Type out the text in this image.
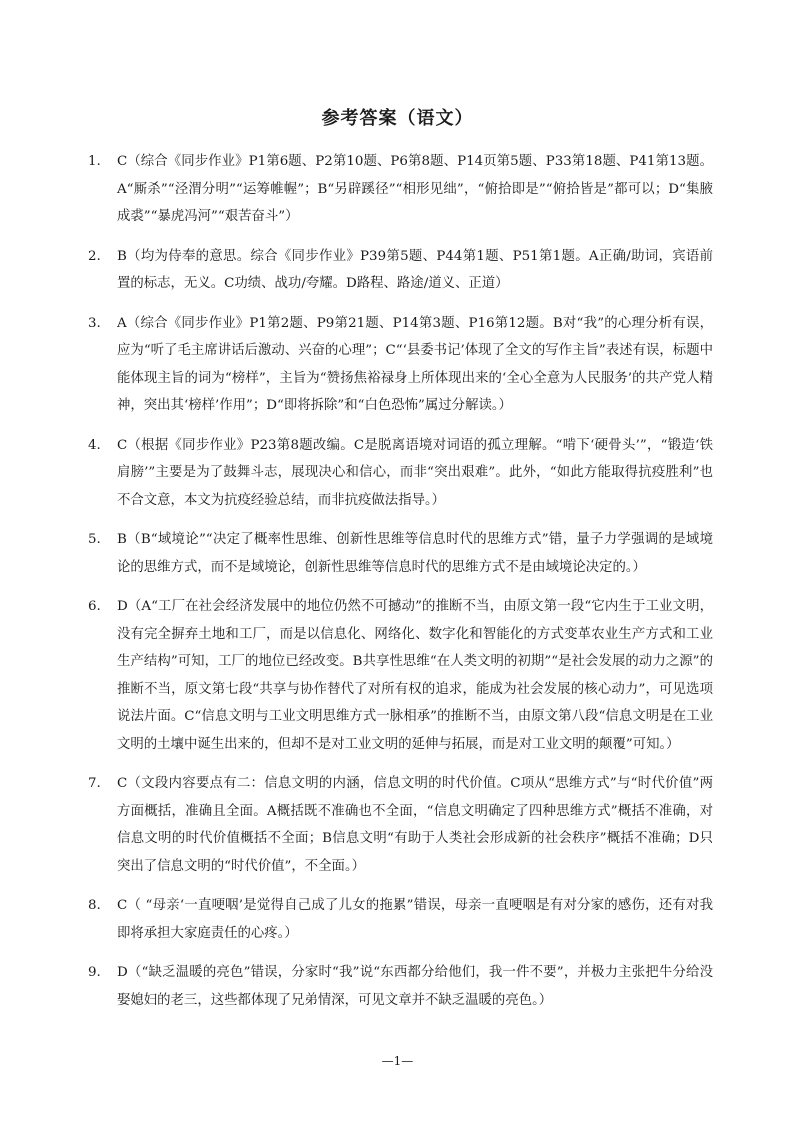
参考答案（语文）
1.	C（综合《同步作业》P1第6题、P2第10题、P6第8题、P14页第5题、P33第18题、P41第13题。A“厮杀”“泾渭分明”“运筹帷幄”；B“另辟蹊径”“相形见绌”，“俯拾即是”“俯拾皆是”都可以；D“集腋成裘”“暴虎冯河”“艰苦奋斗”）
2.	B（均为侍奉的意思。综合《同步作业》P39第5题、P44第1题、P51第1题。A正确/助词，宾语前置的标志，无义。C功绩、战功/夸耀。D路程、路途/道义、正道）
3.	A（综合《同步作业》P1第2题、P9第21题、P14第3题、P16第12题。B对“我”的心理分析有误，应为“听了毛主席讲话后激动、兴奋的心理”；C“‘县委书记’体现了全文的写作主旨”表述有误，标题中能体现主旨的词为“榜样”，主旨为“赞扬焦裕禄身上所体现出来的‘全心全意为人民服务’的共产党人精神，突出其‘榜样’作用”；D“即将拆除”和“白色恐怖”属过分解读。）
4.	C（根据《同步作业》P23第8题改编。C是脱离语境对词语的孤立理解。“啃下‘硬骨头’”，“锻造‘铁肩膀’”主要是为了鼓舞斗志，展现决心和信心，而非“突出艰难”。此外，“如此方能取得抗疫胜利”也不合文意，本文为抗疫经验总结，而非抗疫做法指导。）
5.	B（B“域境论”“决定了概率性思维、创新性思维等信息时代的思维方式”错，量子力学强调的是域境论的思维方式，而不是域境论，创新性思维等信息时代的思维方式不是由域境论决定的。）
6.	D（A“工厂在社会经济发展中的地位仍然不可撼动”的推断不当，由原文第一段“它内生于工业文明，没有完全摒弃土地和工厂，而是以信息化、网络化、数字化和智能化的方式变革农业生产方式和工业生产结构”可知，工厂的地位已经改变。B共享性思维“在人类文明的初期”“是社会发展的动力之源”的推断不当，原文第七段“共享与协作替代了对所有权的追求，能成为社会发展的核心动力”，可见选项说法片面。C“信息文明与工业文明思维方式一脉相承”的推断不当，由原文第八段“信息文明是在工业文明的土壤中诞生出来的，但却不是对工业文明的延伸与拓展，而是对工业文明的颠覆”可知。）
7.	C（文段内容要点有二：信息文明的内涵，信息文明的时代价值。C项从“思维方式”与“时代价值”两方面概括，准确且全面。A概括既不准确也不全面，“信息文明确定了四种思维方式”概括不准确，对信息文明的时代价值概括不全面；B信息文明“有助于人类社会形成新的社会秩序”概括不准确；D只突出了信息文明的“时代价值”，不全面。）
8.	C（ “母亲‘一直哽咽’是觉得自己成了儿女的拖累”错误，母亲一直哽咽是有对分家的感伤，还有对我即将承担大家庭责任的心疼。）
9.	D（“缺乏温暖的亮色”错误，分家时“我”说“东西都分给他们，我一件不要”，并极力主张把牛分给没娶媳妇的老三，这些都体现了兄弟情深，可见文章并不缺乏温暖的亮色。）
—1—
